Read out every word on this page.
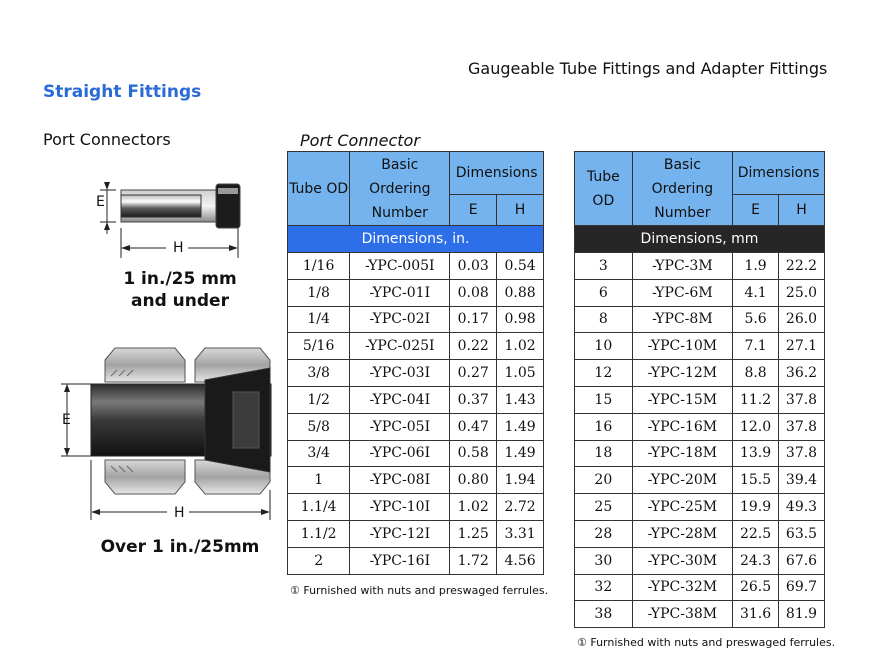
Gaugeable Tube Fittings and Adapter Fittings
Straight Fittings
Port Connectors	Port Connector
E
H
1 in./25 mm
and under
E
H
Over 1 in./25mm
Tube OD	Basic Ordering Number	Dimensions	
		E	H
Dimensions, in.			
1/16	-YPC-005I	0.03	0.54
1/8	-YPC-01I	0.08	0.88
1/4	-YPC-02I	0.17	0.98
5/16	-YPC-025I	0.22	1.02
3/8	-YPC-03I	0.27	1.05
1/2	-YPC-04I	0.37	1.43
5/8	-YPC-05I	0.47	1.49
3/4	-YPC-06I	0.58	1.49
1	-YPC-08I	0.80	1.94
1.1/4	-YPC-10I	1.02	2.72
1.1/2	-YPC-12I	1.25	3.31
2	-YPC-16I	1.72	4.56
① Furnished with nuts and preswaged ferrules.
Tube OD	Basic Ordering Number	Dimensions	
		E	H
Dimensions, mm			
3	-YPC-3M	1.9	22.2
6	-YPC-6M	4.1	25.0
8	-YPC-8M	5.6	26.0
10	-YPC-10M	7.1	27.1
12	-YPC-12M	8.8	36.2
15	-YPC-15M	11.2	37.8
16	-YPC-16M	12.0	37.8
18	-YPC-18M	13.9	37.8
20	-YPC-20M	15.5	39.4
25	-YPC-25M	19.9	49.3
28	-YPC-28M	22.5	63.5
30	-YPC-30M	24.3	67.6
32	-YPC-32M	26.5	69.7
38	-YPC-38M	31.6	81.9
① Furnished with nuts and preswaged ferrules.
